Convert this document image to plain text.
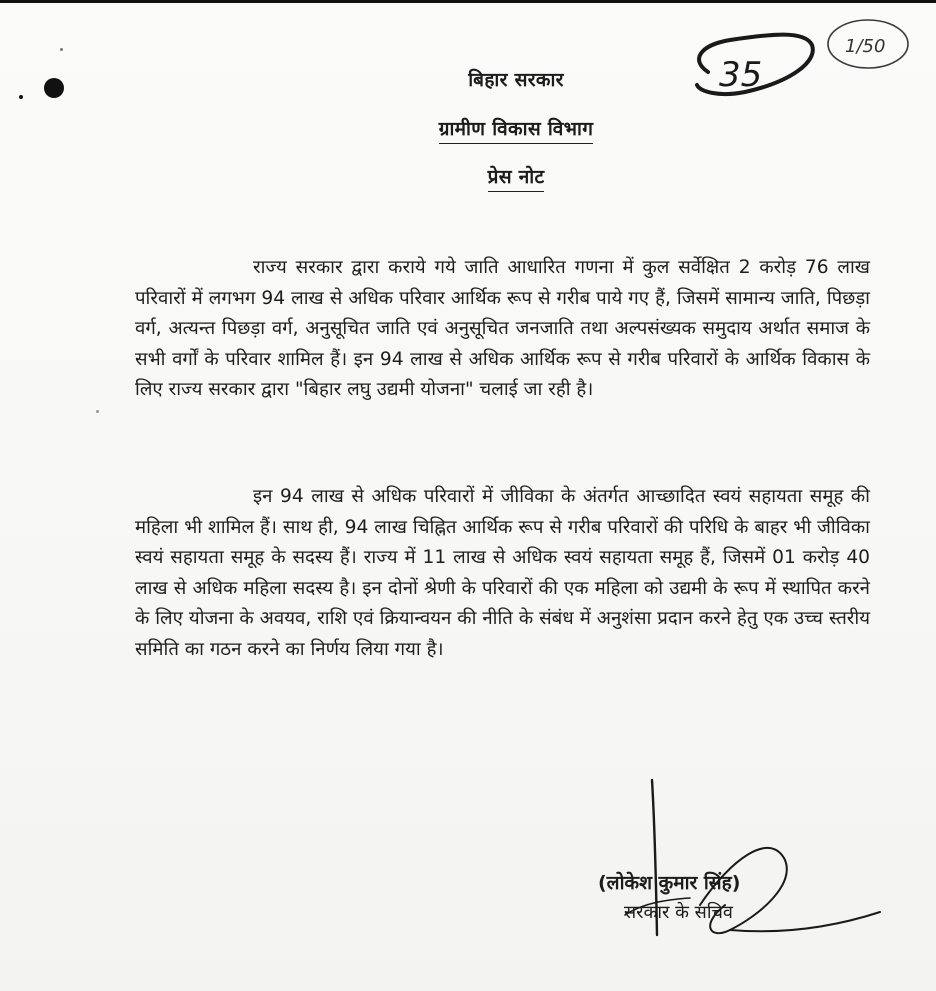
35
1/50
बिहार सरकार
ग्रामीण विकास विभाग
प्रेस नोट

राज्य सरकार द्वारा कराये गये जाति आधारित गणना में कुल सर्वेक्षित 2 करोड़ 76 लाख परिवारों में लगभग 94 लाख से अधिक परिवार आर्थिक रूप से गरीब पाये गए हैं, जिसमें सामान्य जाति, पिछड़ा वर्ग, अत्यन्त पिछड़ा वर्ग, अनुसूचित जाति एवं अनुसूचित जनजाति तथा अल्पसंख्यक समुदाय अर्थात समाज के सभी वर्गों के परिवार शामिल हैं। इन 94 लाख से अधिक आर्थिक रूप से गरीब परिवारों के आर्थिक विकास के लिए राज्य सरकार द्वारा "बिहार लघु उद्यमी योजना" चलाई जा रही है।

इन 94 लाख से अधिक परिवारों में जीविका के अंतर्गत आच्छादित स्वयं सहायता समूह की महिला भी शामिल हैं। साथ ही, 94 लाख चिह्नित आर्थिक रूप से गरीब परिवारों की परिधि के बाहर भी जीविका स्वयं सहायता समूह के सदस्य हैं। राज्य में 11 लाख से अधिक स्वयं सहायता समूह हैं, जिसमें 01 करोड़ 40 लाख से अधिक महिला सदस्य है। इन दोनों श्रेणी के परिवारों की एक महिला को उद्यमी के रूप में स्थापित करने के लिए योजना के अवयव, राशि एवं क्रियान्वयन की नीति के संबंध में अनुशंसा प्रदान करने हेतु एक उच्च स्तरीय समिति का गठन करने का निर्णय लिया गया है।

(लोकेश कुमार सिंह)
सरकार के सचिव
